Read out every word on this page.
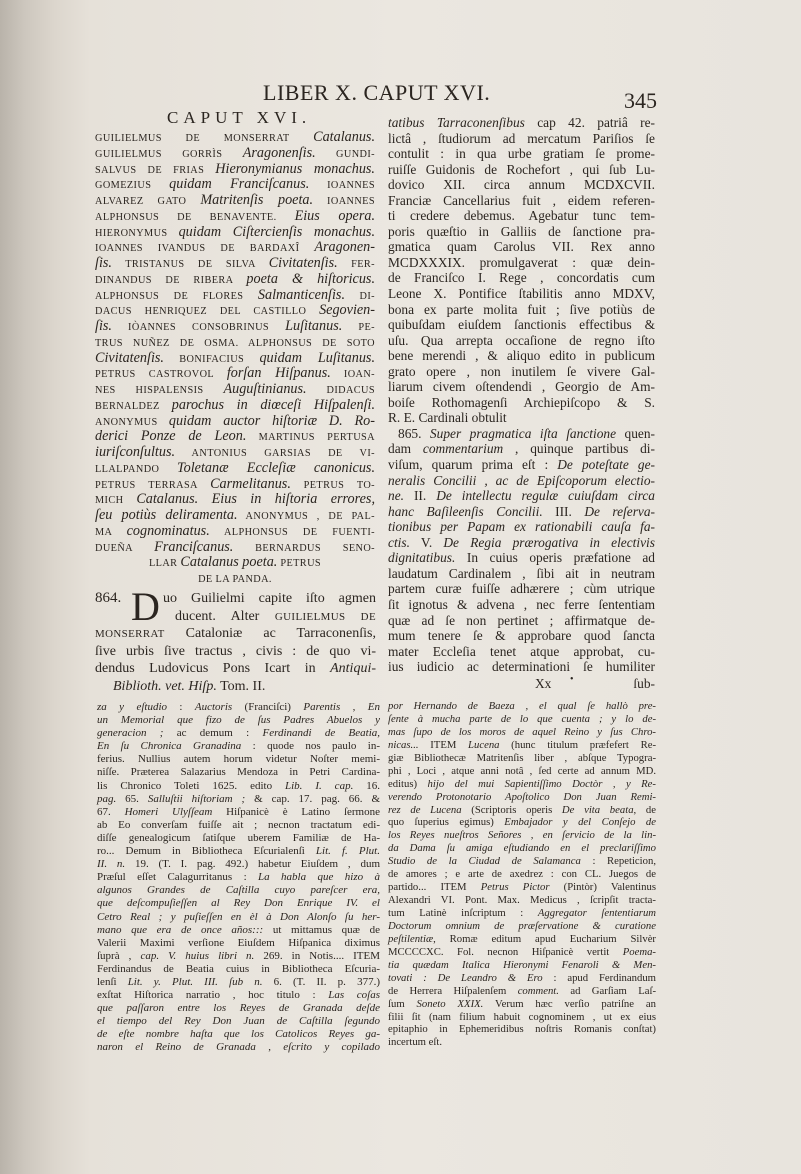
LIBER X. CAPUT XVI.	345
CAPUT XVI.
GUILIELMUS DE MONSERRAT Catalanus.
GUILIELMUS GORRÌS Aragonenſis. GUNDI-
SALVUS DE FRIAS Hieronymianus monachus.
GOMEZIUS quidam Franciſcanus. IOANNES
ALVAREZ GATO Matritenſis poeta. IOANNES
ALPHONSUS DE BENAVENTE. Eius opera.
HIERONYMUS quidam Ciſtercienſis monachus.
IOANNES IVANDUS DE BARDAXÎ Aragonen-
ſis. TRISTANUS DE SILVA Civitatenſis. FER-
DINANDUS DE RIBERA poeta & hiſtoricus.
ALPHONSUS DE FLORES Salmanticenſis. DI-
DACUS HENRIQUEZ DEL CASTILLO Segovien-
ſis. IÒANNES CONSOBRINUS Luſitanus. PE-
TRUS NUÑEZ DE OSMA. ALPHONSUS DE SOTO
Civitatenſis. BONIFACIUS quidam Luſitanus.
PETRUS CASTROVOL forſan Hiſpanus. IOAN-
NES HISPALENSIS Auguſtinianus. DIDACUS
BERNALDEZ parochus in diœceſi Hiſpalenſi.
ANONYMUS quidam auctor hiſtoriæ D. Ro-
derici Ponze de Leon. MARTINUS PERTUSA
iuriſconſultus. ANTONIUS GARSIAS DE VI-
LLALPANDO Toletanæ Eccleſiæ canonicus.
PETRUS TERRASA Carmelitanus. PETRUS TO-
MICH Catalanus. Eius in hiſtoria errores,
ſeu potiùs deliramenta. ANONYMUS , DE PAL-
MA cognominatus. ALPHONSUS DE FUENTI-
DUEÑA Franciſcanus. BERNARDUS SENO-
LLAR Catalanus poeta. PETRUS
DE LA PANDA.
864. D uo Guilielmi capite iſto agmen
ducent. Alter GUILIELMUS DE
MONSERRAT Cataloniæ ac Tarraconenſis,
ſive urbis ſive tractus , civis : de quo vi-
dendus Ludovicus Pons Icart in Antiqui-
Biblioth. vet. Hiſp. Tom. II.
za y eſtudio : Auctoris (Franciſci) Parentis , En
un Memorial que fizo de ſus Padres Abuelos y
generacion ; ac demum : Ferdinandi de Beatia,
En ſu Chronica Granadina : quode nos paulo in-
ferius. Nullius autem horum videtur Noſter memi-
niſſe. Præterea Salazarius Mendoza in Petri Cardina-
lis Chronico Toleti 1625. edito Lib. I. cap. 16.
pag. 65. Salluſtii hiſtoriam ; & cap. 17. pag. 66. &
67. Homeri Ulyſſeam Hiſpanicè è Latino ſermone
ab Eo converſam fuiſſe ait ; necnon tractatum edi-
diſſe genealogicum ſatiſque uberem Familiæ de Ha-
ro... Demum in Bibliotheca Eſcurialenſi Lit. f. Plut.
II. n. 19. (T. I. pag. 492.) habetur Eiuſdem , dum
Præſul eſſet Calagurritanus : La habla que hizo à
algunos Grandes de Caſtilla cuyo pareſcer era,
que deſcompuſieſſen al Rey Don Enrique IV. el
Cetro Real ; y puſieſſen en èl à Don Alonſo ſu her-
mano que era de once años::: ut mittamus quæ de
Valerii Maximi verſione Eiuſdem Hiſpanica diximus
ſuprà , cap. V. huius libri n. 269. in Notis.... ITEM
Ferdinandus de Beatia cuius in Bibliotheca Eſcuria-
lenſi Lit. y. Plut. III. ſub n. 6. (T. II. p. 377.)
exſtat Hiſtorica narratio , hoc titulo : Las coſas
que paſſaron entre los Reyes de Granada deſde
el tiempo del Rey Don Juan de Caſtilla ſegundo
de eſte nombre haſta que los Catolicos Reyes ga-
naron el Reino de Granada , eſcrito y copilado
tatibus Tarraconenſibus cap 42. patriâ re-
lictâ , ſtudiorum ad mercatum Pariſios ſe
contulit : in qua urbe gratiam ſe prome-
ruiſſe Guidonis de Rochefort , qui ſub Lu-
dovico XII. circa annum MCDXCVII.
Franciæ Cancellarius fuit , eidem referen-
ti credere debemus. Agebatur tunc tem-
poris quæſtio in Galliis de ſanctione pra-
gmatica quam Carolus VII. Rex anno
MCDXXXIX. promulgaverat : quæ dein-
de Franciſco I. Rege , concordatis cum
Leone X. Pontifice ſtabilitis anno MDXV,
bona ex parte molita fuit ; ſive potiùs de
quibuſdam eiuſdem ſanctionis effectibus &
uſu. Qua arrepta occaſione de regno iſto
bene merendi , & aliquo edito in publicum
grato opere , non inutilem ſe vivere Gal-
liarum civem oſtendendi , Georgio de Am-
boiſe Rothomagenſi Archiepiſcopo & S.
R. E. Cardinali obtulit
865. Super pragmatica iſta ſanctione quen-
dam commentarium , quinque partibus di-
viſum, quarum prima eſt : De poteſtate ge-
neralis Concilii , ac de Epiſcoporum electio-
ne. II. De intellectu regulæ cuiuſdam circa
hanc Baſileenſis Concilii. III. De reſerva-
tionibus per Papam ex rationabili cauſa fa-
ctis. V. De Regia prærogativa in electivis
dignitatibus. In cuius operis præfatione ad
laudatum Cardinalem , ſibi ait in neutram
partem curæ fuiſſe adhærere ; cùm utrique
ſit ignotus & advena , nec ferre ſententiam
quæ ad ſe non pertinet ; affirmatque de-
mum tenere ſe & approbare quod ſancta
mater Eccleſia tenet atque approbat, cu-
ius iudicio ac determinationi ſe humiliter
Xx •	ſub-
por Hernando de Baeza , el qual ſe hallò pre-
ſente à mucha parte de lo que cuenta ; y lo de-
mas ſupo de los moros de aquel Reino y ſus Chro-
nicas... ITEM Lucena (hunc titulum præfefert Re-
giæ Bibliothecæ Matritenſis liber , abſque Typogra-
phi , Loci , atque anni notâ , ſed certe ad annum MD.
editus) hijo del mui Sapientiſſimo Doctòr , y Re-
verendo Protonotario Apoſtolico Don Juan Remi-
rez de Lucena (Scriptoris operis De vita beata, de
quo ſuperius egimus) Embajador y del Conſejo de
los Reyes nueſtros Señores , en ſervicio de la lin-
da Dama ſu amiga eſtudiando en el preclariſſimo
Studio de la Ciudad de Salamanca : Repeticion,
de amores ; e arte de axedrez : con CL. Juegos de
partido... ITEM Petrus Pictor (Pintòr) Valentinus
Alexandri VI. Pont. Max. Medicus , ſcripſit tracta-
tum Latinè inſcriptum : Aggregator ſententiarum
Doctorum omnium de præſervatione & curatione
peſtilentiæ, Romæ editum apud Eucharium Silvèr
MCCCCXC. Fol. necnon Hiſpanicè vertit Poema-
tia quædam Italica Hieronymi Fenaroli & Men-
tovati : De Leandro & Ero : apud Ferdinandum
de Herrera Hiſpalenſem comment. ad Garſiam Laſ-
ſum Soneto XXIX. Verum hæc verſio patriſne an
filii ſit (nam filium habuit cognominem , ut ex eius
epitaphio in Ephemeridibus noſtris Romanis conſtat)
incertum eſt.
